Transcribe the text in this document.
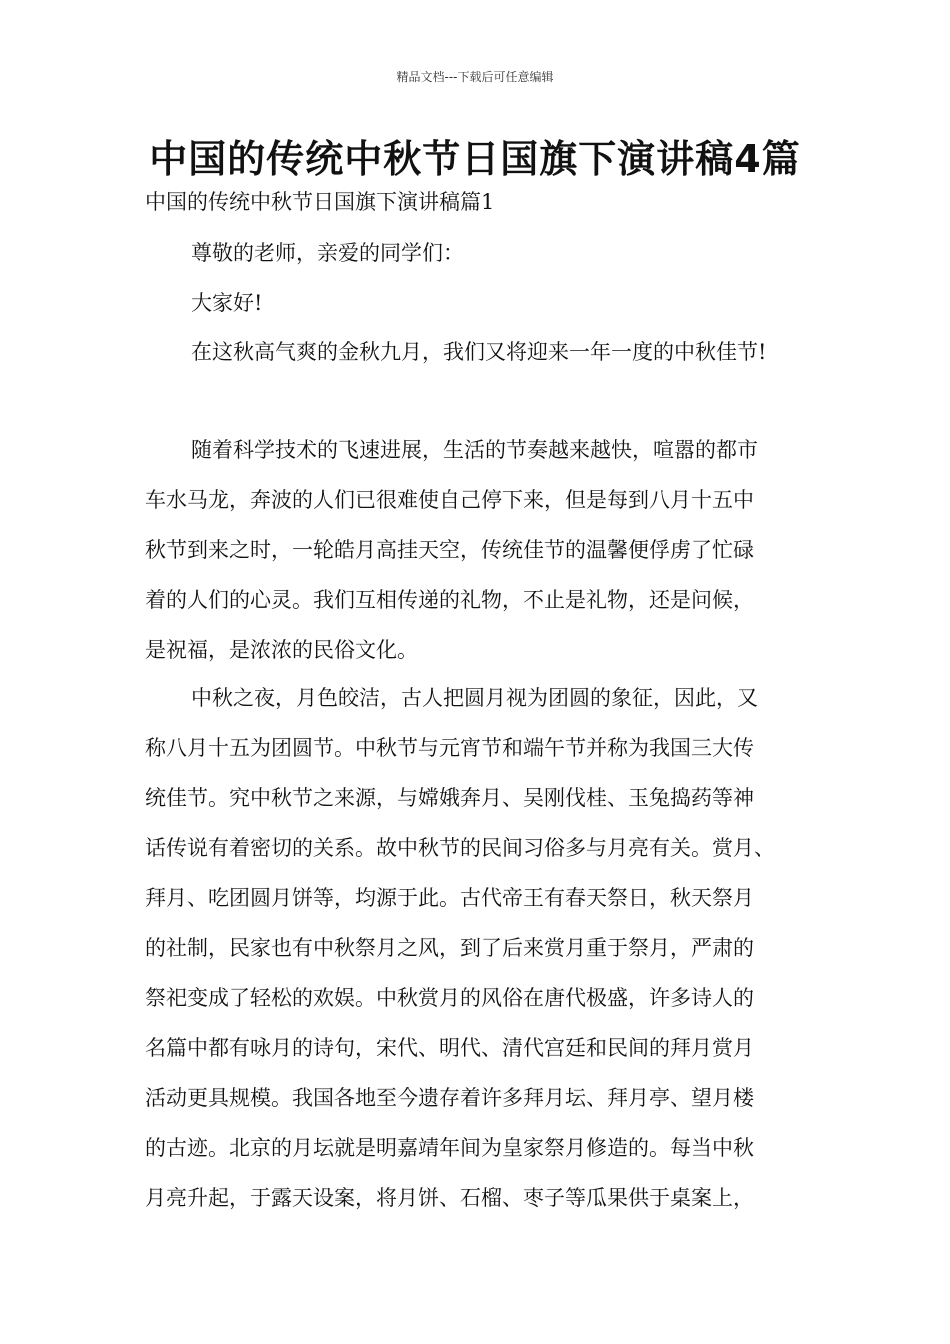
精品文档---下载后可任意编辑
中国的传统中秋节日国旗下演讲稿4篇

中国的传统中秋节日国旗下演讲稿篇1

尊敬的老师，亲爱的同学们：

大家好!

在这秋高气爽的金秋九月，我们又将迎来一年一度的中秋佳节!

随着科学技术的飞速进展，生活的节奏越来越快，喧嚣的都市
车水马龙，奔波的人们已很难使自己停下来，但是每到八月十五中
秋节到来之时，一轮皓月高挂天空，传统佳节的温馨便俘虏了忙碌
着的人们的心灵。我们互相传递的礼物，不止是礼物，还是问候，
是祝福，是浓浓的民俗文化。
中秋之夜，月色皎洁，古人把圆月视为团圆的象征，因此，又
称八月十五为团圆节。中秋节与元宵节和端午节并称为我国三大传
统佳节。究中秋节之来源，与嫦娥奔月、吴刚伐桂、玉兔捣药等神
话传说有着密切的关系。故中秋节的民间习俗多与月亮有关。赏月、
拜月、吃团圆月饼等，均源于此。古代帝王有春天祭日，秋天祭月
的社制，民家也有中秋祭月之风，到了后来赏月重于祭月，严肃的
祭祀变成了轻松的欢娱。中秋赏月的风俗在唐代极盛，许多诗人的
名篇中都有咏月的诗句，宋代、明代、清代宫廷和民间的拜月赏月
活动更具规模。我国各地至今遗存着许多拜月坛、拜月亭、望月楼
的古迹。北京的月坛就是明嘉靖年间为皇家祭月修造的。每当中秋
月亮升起，于露天设案，将月饼、石榴、枣子等瓜果供于桌案上，
